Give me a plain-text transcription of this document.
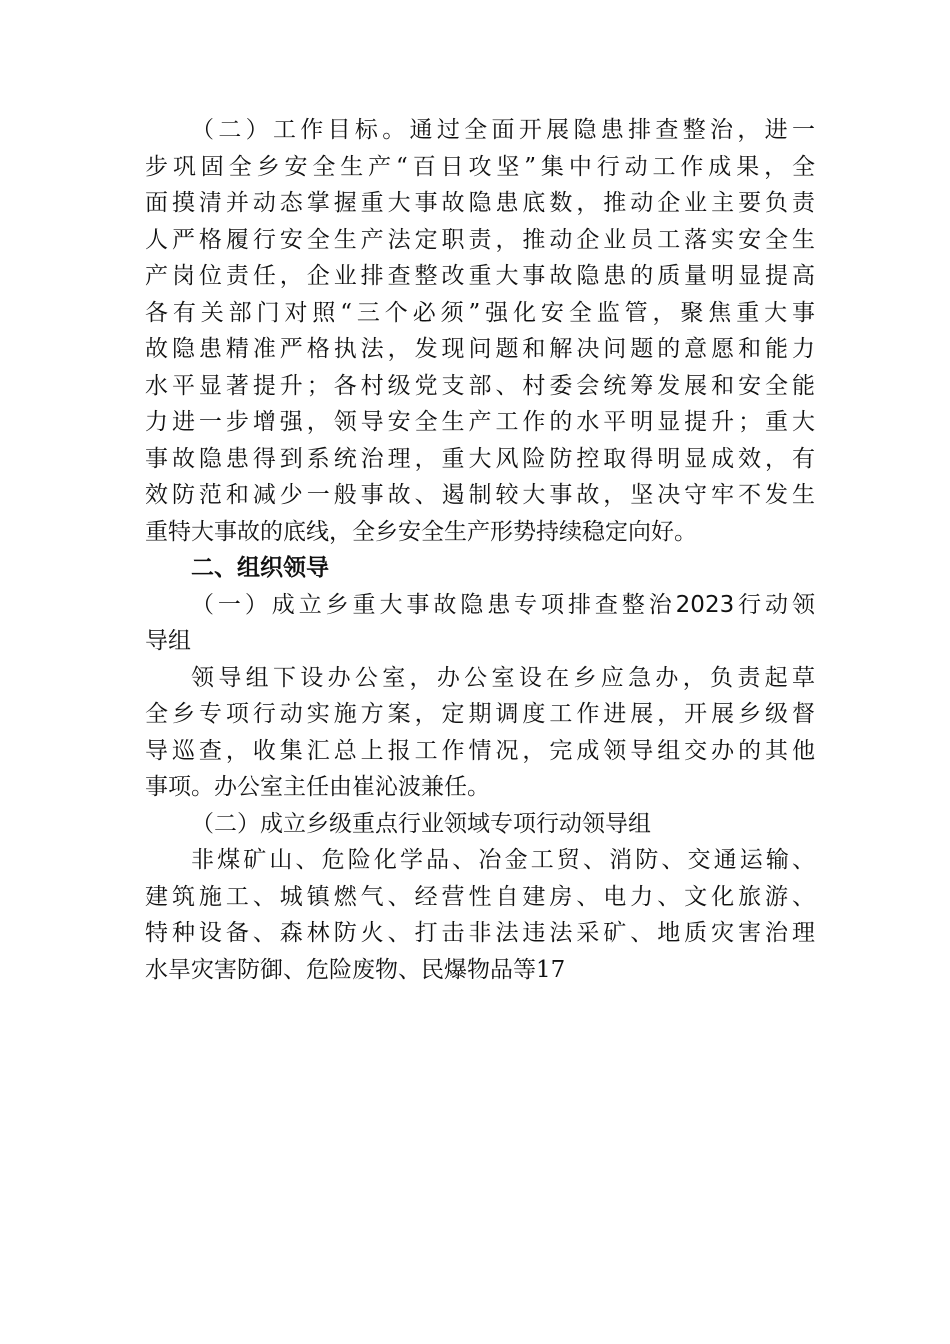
（二）工作目标。通过全面开展隐患排查整治，进一
步巩固全乡安全生产“百日攻坚”集中行动工作成果，全
面摸清并动态掌握重大事故隐患底数，推动企业主要负责
人严格履行安全生产法定职责，推动企业员工落实安全生
产岗位责任，企业排查整改重大事故隐患的质量明显提高
各有关部门对照“三个必须”强化安全监管，聚焦重大事
故隐患精准严格执法，发现问题和解决问题的意愿和能力
水平显著提升；各村级党支部、村委会统筹发展和安全能
力进一步增强，领导安全生产工作的水平明显提升；重大
事故隐患得到系统治理，重大风险防控取得明显成效，有
效防范和减少一般事故、遏制较大事故，坚决守牢不发生
重特大事故的底线，全乡安全生产形势持续稳定向好。
二、组织领导
（一）成立乡重大事故隐患专项排查整治2023行动领
导组
领导组下设办公室，办公室设在乡应急办，负责起草
全乡专项行动实施方案，定期调度工作进展，开展乡级督
导巡查，收集汇总上报工作情况，完成领导组交办的其他
事项。办公室主任由崔沁波兼任。
（二）成立乡级重点行业领域专项行动领导组
非煤矿山、危险化学品、冶金工贸、消防、交通运输、
建筑施工、城镇燃气、经营性自建房、电力、文化旅游、
特种设备、森林防火、打击非法违法采矿、地质灾害治理
水旱灾害防御、危险废物、民爆物品等17
